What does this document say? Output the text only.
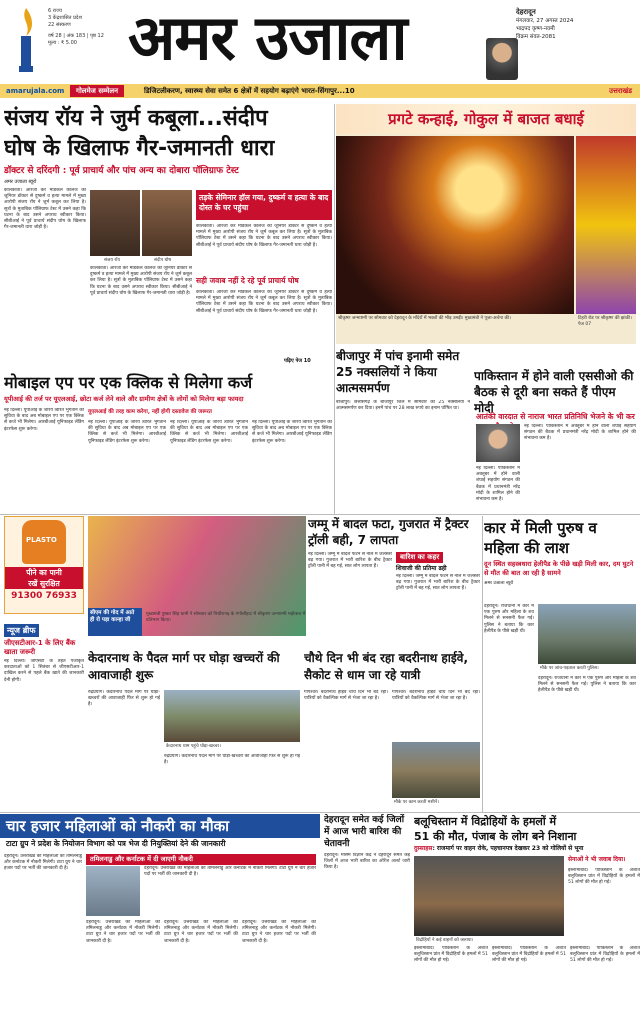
6 राज्य
3 केंद्रशासित प्रदेश
22 संस्करण
वर्ष 28 | अंक 183 | पृष्ठ 12
मूल्य : ₹ 5.00 अमर उजाला	देहरादून
मंगलवार, 27 अगस्त 2024
भाद्रपद कृष्ण-नवमी
विक्रम संवत-2081
amarujala.com	गोलमेज सम्मेलन	डिजिटलीकरण, स्वास्थ्य सेवा समेत 6 क्षेत्रों में सहयोग बढ़ाएंगे भारत-सिंगापुर...10	उत्तराखंड
संजय रॉय ने जुर्म कबूला...संदीप
घोष के खिलाफ गैर-जमानती धारा
डॉक्टर से दरिंदगी : पूर्व प्राचार्य और पांच अन्य का दोबारा पॉलिग्राफ टेस्ट
अमर उजाला ब्यूरो
कोलकाता। आरजी कर मेडिकल कॉलेज की जूनियर डॉक्टर से दुष्कर्म व हत्या मामले में मुख्य आरोपी संजय रॉय ने जुर्म कबूल कर लिया है। सूत्रों के मुताबिक पॉलिग्राफ टेस्ट में उसने कहा कि घटना के बाद उसने अपराध स्वीकार किया। सीबीआई ने पूर्व प्राचार्य संदीप घोष के खिलाफ गैर-जमानती धारा जोड़ी है।
संजय रॉय	संदीप घोष
तड़के सेमिनार हॉल गया, दुष्कर्म व हत्या के बाद दोस्त के घर पहुंचा
कोलकाता। आरजी कर मेडिकल कॉलेज की जूनियर डॉक्टर से दुष्कर्म व हत्या मामले में मुख्य आरोपी संजय रॉय ने जुर्म कबूल कर लिया है। सूत्रों के मुताबिक पॉलिग्राफ टेस्ट में उसने कहा कि घटना के बाद उसने अपराध स्वीकार किया। सीबीआई ने पूर्व प्राचार्य संदीप घोष के खिलाफ गैर-जमानती धारा जोड़ी है।
कोलकाता। आरजी कर मेडिकल कॉलेज की जूनियर डॉक्टर से दुष्कर्म व हत्या मामले में मुख्य आरोपी संजय रॉय ने जुर्म कबूल कर लिया है। सूत्रों के मुताबिक पॉलिग्राफ टेस्ट में उसने कहा कि घटना के बाद उसने अपराध स्वीकार किया। सीबीआई ने पूर्व प्राचार्य संदीप घोष के खिलाफ गैर-जमानती धारा जोड़ी है।
सही जवाब नहीं दे रहे पूर्व प्राचार्य घोष
कोलकाता। आरजी कर मेडिकल कॉलेज की जूनियर डॉक्टर से दुष्कर्म व हत्या मामले में मुख्य आरोपी संजय रॉय ने जुर्म कबूल कर लिया है। सूत्रों के मुताबिक पॉलिग्राफ टेस्ट में उसने कहा कि घटना के बाद उसने अपराध स्वीकार किया। सीबीआई ने पूर्व प्राचार्य संदीप घोष के खिलाफ गैर-जमानती धारा जोड़ी है।
पढ़िए पेज 10
प्रगटे कन्हाई, गोकुल में बाजत बधाई
श्रीकृष्ण जन्माष्टमी पर सोमवार को देहरादून के मंदिरों में भक्तों की भीड़ उमड़ी। मुख्यमंत्री ने पूजा-अर्चना की।	टिहरी रोड पर श्रीकृष्ण की झांकी। पेज 07
बीजापुर में पांच इनामी समेत 25 नक्सलियों ने किया आत्मसमर्पण
बीजापुर। छत्तीसगढ़ के बीजापुर जिले में सोमवार को 25 नक्सलियों ने आत्मसमर्पण कर दिया। इनमें पांच पर 28 लाख रुपये का इनाम घोषित था।
पाकिस्तान में होने वाली एससीओ की बैठक से दूरी बना सकते हैं पीएम मोदी
आतंकी वारदात से नाराज भारत प्रतिनिधि भेजने के भी कर
नई दिल्ली। पाकिस्तान में अक्तूबर में होने वाली शंघाई सहयोग संगठन की बैठक में प्रधानमंत्री नरेंद्र मोदी के शामिल होने की संभावना कम है।
नई दिल्ली। पाकिस्तान में अक्तूबर में होने वाली शंघाई सहयोग संगठन की बैठक में प्रधानमंत्री नरेंद्र मोदी के शामिल होने की संभावना कम है।
मोबाइल एप पर एक क्लिक से मिलेगा कर्ज
यूपीआई की तर्ज पर यूएलआई, छोटा कर्ज लेने वाले और ग्रामीण क्षेत्रों के लोगों को मिलेगा बड़ा फायदा
नई दिल्ली। यूपीआई के जरिये त्वरित भुगतान की सुविधा के बाद अब मोबाइल एप पर एक क्लिक से कर्ज भी मिलेगा। आरबीआई यूनिफाइड लेंडिंग इंटरफेस शुरू करेगा।
यूएलआई की तरह काम करेगा, नहीं होगी दस्तावेज की जरूरत
नई दिल्ली। यूपीआई के जरिये त्वरित भुगतान की सुविधा के बाद अब मोबाइल एप पर एक क्लिक से कर्ज भी मिलेगा। आरबीआई यूनिफाइड लेंडिंग इंटरफेस शुरू करेगा।
नई दिल्ली। यूपीआई के जरिये त्वरित भुगतान की सुविधा के बाद अब मोबाइल एप पर एक क्लिक से कर्ज भी मिलेगा। आरबीआई यूनिफाइड लेंडिंग इंटरफेस शुरू करेगा।
नई दिल्ली। यूपीआई के जरिये त्वरित भुगतान की सुविधा के बाद अब मोबाइल एप पर एक क्लिक से कर्ज भी मिलेगा। आरबीआई यूनिफाइड लेंडिंग इंटरफेस शुरू करेगा।
PLASTO
पीने का पानी
रखें सुरक्षित
91300 76933
न्यूज ब्रीफ
जीएसटीआर-1 के लिए बैंक खाता जरूरी
नई दिल्ली। जीएसटी के तहत पंजीकृत करदाताओं को 1 सितंबर से जीएसटीआर-1 दाखिल करने से पहले बैंक खाते की जानकारी देनी होगी।
सीएम की गोद में आते ही रो पड़ा कान्हा जी
मुख्यमंत्री पुष्कर सिंह धामी ने सोमवार को पिथौरागढ़ के गंगोलीहाट में श्रीकृष्ण जन्माष्टमी महोत्सव में प्रतिभाग किया।
जम्मू में बादल फटा, गुजरात में ट्रैक्टर ट्रॉली बही, 7 लापता
नई दिल्ली। जम्मू में बादल फटने से नाले में जलस्तर बढ़ गया। गुजरात में भारी बारिश के बीच ट्रैक्टर ट्रॉली पानी में बह गई, सात लोग लापता हैं।
बारिश का कहर
शिवाजी की प्रतिमा ढही
नई दिल्ली। जम्मू में बादल फटने से नाले में जलस्तर बढ़ गया। गुजरात में भारी बारिश के बीच ट्रैक्टर ट्रॉली पानी में बह गई, सात लोग लापता हैं।
कार में मिली पुरुष व महिला की लाश
दून स्थित सहस्त्रधारा हेलीपैड के पीछे खड़ी मिली कार, दम घुटने से मौत की बात आ रही है सामने
अमर उजाला ब्यूरो
देहरादून। राजधानी में कार में एक पुरुष और महिला के शव मिलने से सनसनी फैल गई। पुलिस ने बताया कि कार हेलीपैड के पीछे खड़ी थी।
मौके पर जांच-पड़ताल करती पुलिस।
देहरादून। राजधानी में कार में एक पुरुष और महिला के शव मिलने से सनसनी फैल गई। पुलिस ने बताया कि कार हेलीपैड के पीछे खड़ी थी।
केदारनाथ के पैदल मार्ग पर घोड़ा खच्चरों की आवाजाही शुरू
रुद्रप्रयाग। केदारनाथ पैदल मार्ग पर घोड़ा-खच्चरों की आवाजाही फिर से शुरू हो गई है।
केदारनाथ धाम पहुंचे घोड़ा-खच्चर।
रुद्रप्रयाग। केदारनाथ पैदल मार्ग पर घोड़ा-खच्चरों की आवाजाही फिर से शुरू हो गई है।
चौथे दिन भी बंद रहा बदरीनाथ हाईवे, सैकोट से धाम जा रहे यात्री
गोपेश्वर। बदरीनाथ हाईवे चौथे दिन भी बंद रहा। यात्रियों को वैकल्पिक मार्ग से भेजा जा रहा है।
गोपेश्वर। बदरीनाथ हाईवे चौथे दिन भी बंद रहा। यात्रियों को वैकल्पिक मार्ग से भेजा जा रहा है।
मौके पर काम करती मशीनें।
चार हजार महिलाओं को नौकरी का मौका
टाटा ग्रुप ने प्रदेश के नियोजन विभाग को पत्र भेज दी नियुक्तियां देने की जानकारी
देहरादून। उत्तराखंड की महिलाओं को तमिलनाडु और कर्नाटक में नौकरी मिलेगी। टाटा ग्रुप ने चार हजार पदों पर भर्ती की जानकारी दी है।
तमिलनाडु और कर्नाटक में दी जाएगी नौकरी
देहरादून। उत्तराखंड की महिलाओं को तमिलनाडु और कर्नाटक में नौकरी मिलेगी। टाटा ग्रुप ने चार हजार पदों पर भर्ती की जानकारी दी है।
देहरादून। उत्तराखंड की महिलाओं को तमिलनाडु और कर्नाटक में नौकरी मिलेगी। टाटा ग्रुप ने चार हजार पदों पर भर्ती की जानकारी दी है।
देहरादून। उत्तराखंड की महिलाओं को तमिलनाडु और कर्नाटक में नौकरी मिलेगी। टाटा ग्रुप ने चार हजार पदों पर भर्ती की जानकारी दी है।
देहरादून। उत्तराखंड की महिलाओं को तमिलनाडु और कर्नाटक में नौकरी मिलेगी। टाटा ग्रुप ने चार हजार पदों पर भर्ती की जानकारी दी है।
देहरादून समेत कई जिलों में आज भारी बारिश की चेतावनी
देहरादून। मौसम विज्ञान केंद्र ने देहरादून समेत कई जिलों में आज भारी बारिश का ऑरेंज अलर्ट जारी किया है।
बलूचिस्तान में विद्रोहियों के हमलों में
51 की मौत, पंजाब के लोग बने निशाना
दुस्साहस: राजमार्ग पर वाहन रोके, पहचानपत्र देखकर 23 को गोलियों से भूना
विद्रोहियों ने कई वाहनों को जलाया।
सेनाओं ने भी जवाब दिया।
इस्लामाबाद। पाकिस्तान के अशांत बलूचिस्तान प्रांत में विद्रोहियों के हमलों में 51 लोगों की मौत हो गई।
इस्लामाबाद। पाकिस्तान के अशांत बलूचिस्तान प्रांत में विद्रोहियों के हमलों में 51 लोगों की मौत हो गई।
इस्लामाबाद। पाकिस्तान के अशांत बलूचिस्तान प्रांत में विद्रोहियों के हमलों में 51 लोगों की मौत हो गई।
इस्लामाबाद। पाकिस्तान के अशांत बलूचिस्तान प्रांत में विद्रोहियों के हमलों में 51 लोगों की मौत हो गई।
